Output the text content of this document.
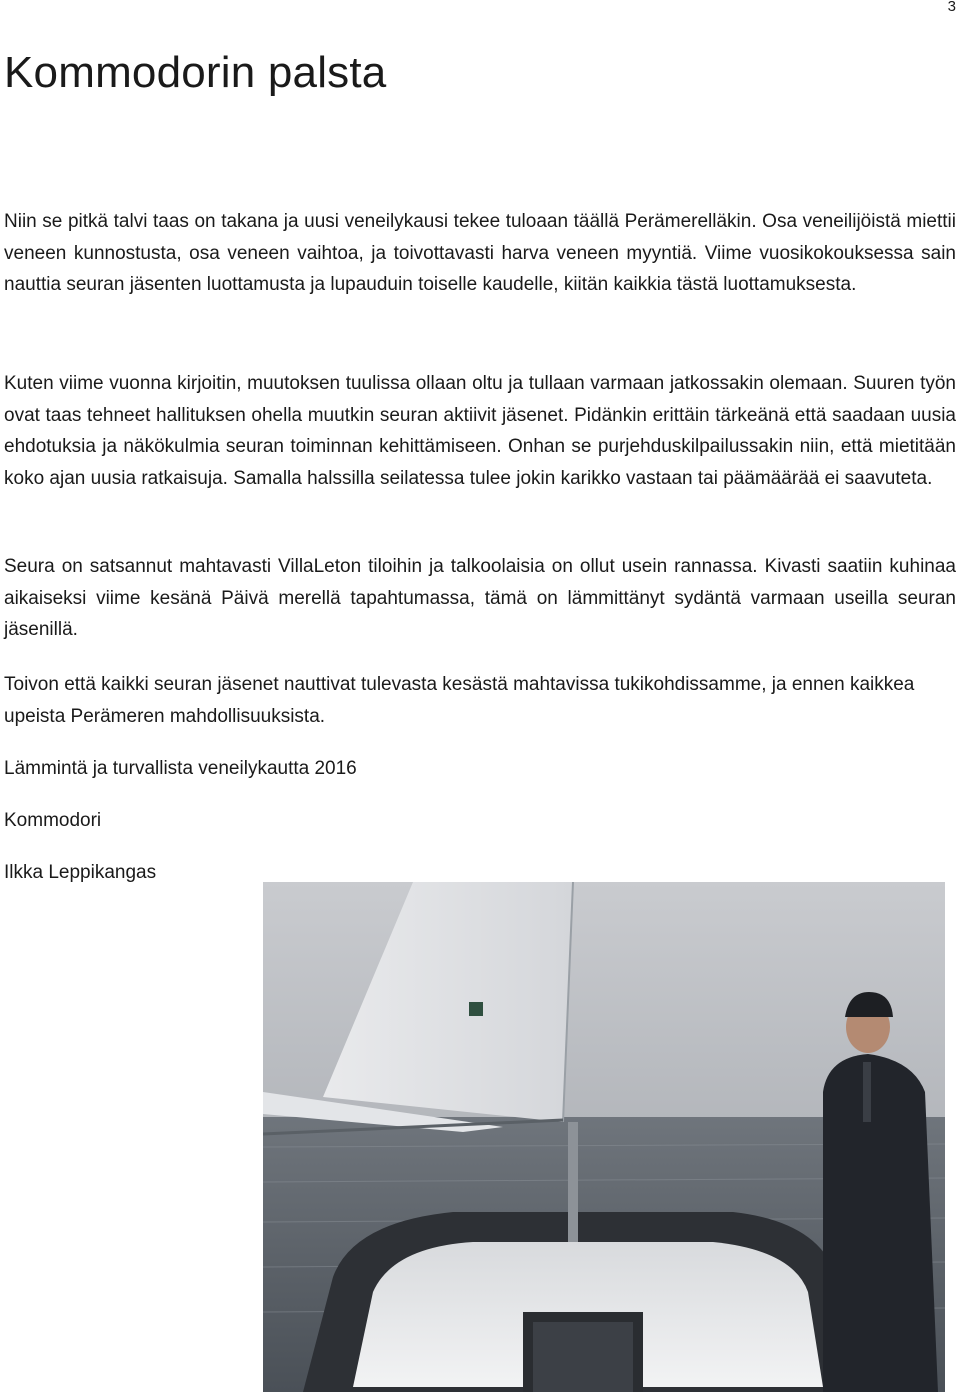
3
Kommodorin palsta

Niin se pitkä talvi taas on takana ja uusi veneilykausi tekee tuloaan täällä Perämerelläkin. Osa veneilijöistä miettii veneen kunnostusta, osa veneen vaihtoa, ja toivottavasti harva veneen myyntiä. Viime vuosikokouksessa sain nauttia seuran jäsenten luottamusta ja lupauduin toiselle kaudelle, kiitän kaikkia tästä luottamuksesta.

Kuten viime vuonna kirjoitin, muutoksen tuulissa ollaan oltu ja tullaan varmaan jatkossakin olemaan. Suuren työn ovat taas tehneet hallituksen ohella muutkin seuran aktiivit jäsenet. Pidänkin erittäin tärkeänä että saadaan uusia ehdotuksia ja näkökulmia seuran toiminnan kehittämiseen. Onhan se purjehduskilpailussakin niin, että mietitään koko ajan uusia ratkaisuja. Samalla halssilla seilatessa tulee jokin karikko vastaan tai päämäärää ei saavuteta.

Seura on satsannut mahtavasti VillaLeton tiloihin ja talkoolaisia on ollut usein rannassa. Kivasti saatiin kuhinaa aikaiseksi viime kesänä Päivä merellä tapahtumassa, tämä on lämmittänyt sydäntä varmaan useilla seuran jäsenillä.

Toivon että kaikki seuran jäsenet nauttivat tulevasta kesästä mahtavissa tukikohdissamme, ja ennen kaikkea upeista Perämeren mahdollisuuksista.

Lämmintä ja turvallista veneilykautta 2016

Kommodori

Ilkka Leppikangas
